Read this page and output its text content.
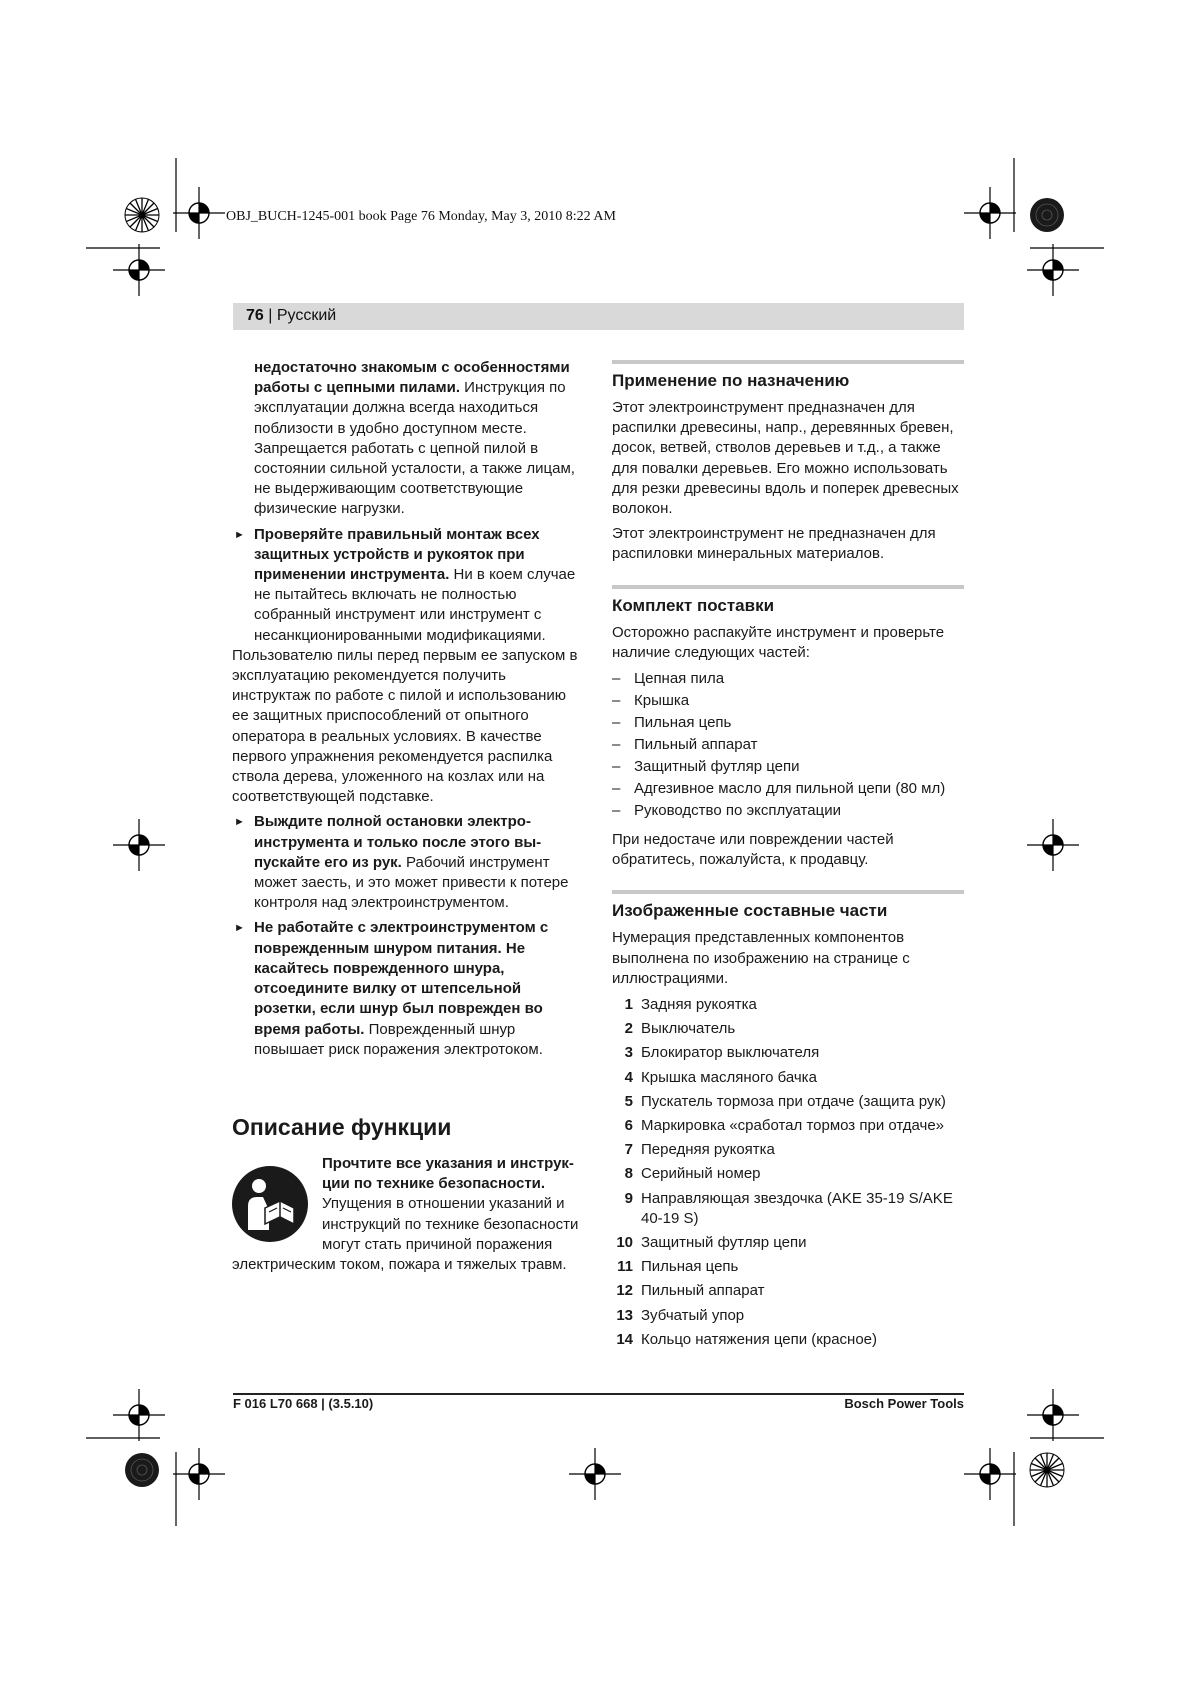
OBJ_BUCH-1245-001 book Page 76 Monday, May 3, 2010 8:22 AM
76 | Русский

недостаточно знакомым с особенностями работы с цепными пилами. Инструкция по эксплуатации должна всегда находиться поблизости в удобно доступном месте. Запрещается работать с цепной пилой в состоянии сильной усталости, а также лицам, не выдерживающим соответствующие физические нагрузки.

► Проверяйте правильный монтаж всех защитных устройств и рукояток при применении инструмента. Ни в коем случае не пытайтесь включать не полностью собранный инструмент или инструмент с несанкционированными модификациями.

Пользователю пилы перед первым ее запуском в эксплуатацию рекомендуется получить инструктаж по работе с пилой и использованию ее защитных приспособлений от опытного оператора в реальных условиях. В качестве первого упражнения рекомендуется распилка ствола дерева, уложенного на козлах или на соответствующей подставке.

► Выждите полной остановки электро-инструмента и только после этого вы-пускайте его из рук. Рабочий инструмент может заесть, и это может привести к потере контроля над электроинструментом.
► Не работайте с электроинструментом с поврежденным шнуром питания. Не касайтесь поврежденного шнура, отсоедините вилку от штепсельной розетки, если шнур был поврежден во время работы. Поврежденный шнур повышает риск поражения электротоком.
Описание функции

Прочтите все указания и инструк-ции по технике безопасности. Упущения в отношении указаний и инструкций по технике безопасности могут стать причиной поражения электрическим током, пожара и тяжелых травм.

Применение по назначению

Этот электроинструмент предназначен для распилки древесины, напр., деревянных бревен, досок, ветвей, стволов деревьев и т.д., а также для повалки деревьев. Его можно использовать для резки древесины вдоль и поперек древесных волокон.

Этот электроинструмент не предназначен для распиловки минеральных материалов.

Комплект поставки

Осторожно распакуйте инструмент и проверьте наличие следующих частей:

– Цепная пила
– Крышка
– Пильная цепь
– Пильный аппарат
– Защитный футляр цепи
– Адгезивное масло для пильной цепи (80 мл)
– Руководство по эксплуатации

При недостаче или повреждении частей обратитесь, пожалуйста, к продавцу.

Изображенные составные части

Нумерация представленных компонентов выполнена по изображению на странице с иллюстрациями.

1 Задняя рукоятка
2 Выключатель
3 Блокиратор выключателя
4 Крышка масляного бачка
5 Пускатель тормоза при отдаче (защита рук)
6 Маркировка «сработал тормоз при отдаче»
7 Передняя рукоятка
8 Серийный номер
9 Направляющая звездочка (AKE 35-19 S/AKE 40-19 S)
10 Защитный футляр цепи
11 Пильная цепь
12 Пильный аппарат
13 Зубчатый упор
14 Кольцо натяжения цепи (красное)
F 016 L70 668 | (3.5.10)	Bosch Power Tools
